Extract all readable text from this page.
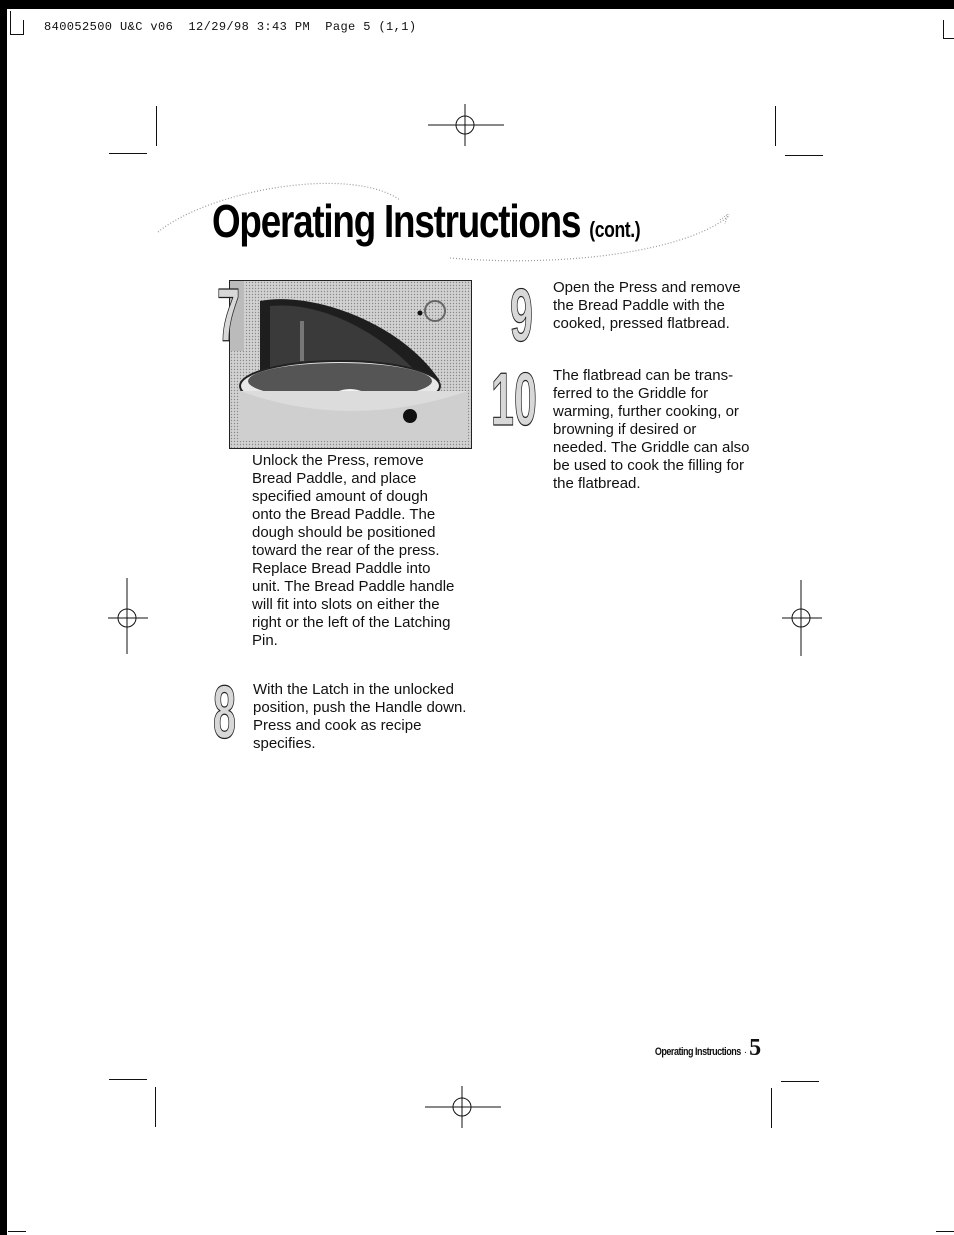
840052500 U&C v06  12/29/98 3:43 PM  Page 5 (1,1)
Operating Instructions (cont.)
7
Unlock the Press, remove Bread Paddle, and place specified amount of dough onto the Bread Paddle. The dough should be positioned toward the rear of the press. Replace Bread Paddle into unit. The Bread Paddle handle will fit into slots on either the right or the left of the Latching Pin.
8 With the Latch in the unlocked position, push the Handle down. Press and cook as recipe specifies.
9 Open the Press and remove the Bread Paddle with the cooked, pressed flatbread.
10 The flatbread can be trans-ferred to the Griddle for warming, further cooking, or browning if desired or needed. The Griddle can also be used to cook the filling for the flatbread.
Operating Instructions · 5
